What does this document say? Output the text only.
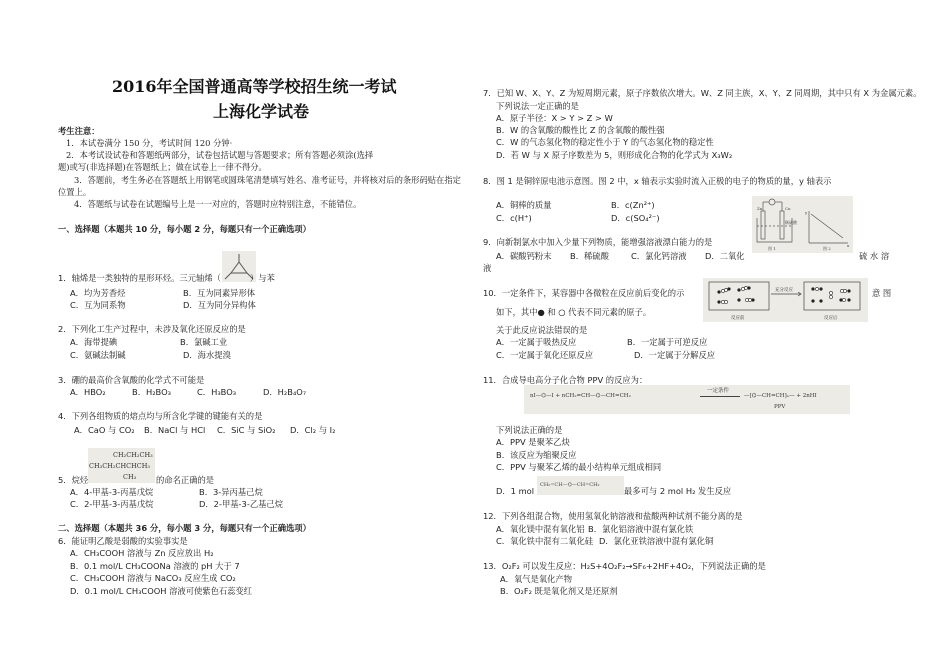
2016年全国普通高等学校招生统一考试
上海化学试卷
考生注意：
1．本试卷满分 150 分，考试时间 120 分钟·
2．本考试设试卷和答题纸两部分，试卷包括试题与答题要求；所有答题必须涂(选择
题)或写(非选择题)在答题纸上；做在试卷上一律不得分。
3．答题前，考生务必在答题纸上用钢笔或圆珠笔清楚填写姓名、准考证号，并将核对后的条形码贴在指定
位置上。
4．答题纸与试卷在试题编号上是一一对应的，答题时应特别注意，不能错位。
一、选择题（本题共 10 分，每小题 2 分，每题只有一个正确选项）
1．轴烯是一类独特的星形环烃。三元轴烯（	）与苯
A．均为芳香烃	B．互为同素异形体
C．互为同系物	D．互为同分异构体
2．下列化工生产过程中，未涉及氧化还原反应的是
A．海带提碘	B．氯碱工业
C．氨碱法制碱	D．海水提溴
3．硼的最高价含氧酸的化学式不可能是
A．HBO₂	B．H₂BO₃	C．H₃BO₃	D．H₂B₄O₇
4．下列各组物质的熔点均与所含化学键的键能有关的是
A．CaO 与 CO₂ B．NaCl 与 HCl C．SiC 与 SiO₂ D．Cl₂ 与 I₂
CH₂CH₂CH₃
CH₃CH₂CHCHCH₃
CH₃
5．烷烃	的命名正确的是
A．4-甲基-3-丙基戊烷	B．3-异丙基己烷
C．2-甲基-3-丙基戊烷	D．2-甲基-3-乙基己烷
二、选择题（本题共 36 分，每小题 3 分，每题只有一个正确选项）
6．能证明乙酸是弱酸的实验事实是
A．CH₃COOH 溶液与 Zn 反应放出 H₂
B．0.1 mol/L CH₃COONa 溶液的 pH 大于 7
C．CH₃COOH 溶液与 NaCO₃ 反应生成 CO₂
D．0.1 mol/L CH₃COOH 溶液可使紫色石蕊变红
7．已知 W、X、Y、Z 为短周期元素，原子序数依次增大。W、Z 同主族，X、Y、Z 同周期，其中只有 X 为金属元素。
下列说法一定正确的是
A．原子半径：X > Y > Z > W
B．W 的含氧酸的酸性比 Z 的含氧酸的酸性强
C．W 的气态氢化物的稳定性小于 Y 的气态氢化物的稳定性
D．若 W 与 X 原子序数差为 5，则形成化合物的化学式为 X₃W₂
8．图 1 是铜锌原电池示意图。图 2 中，x 轴表示实验时流入正极的电子的物质的量，y 轴表示
A．铜棒的质量	B．c(Zn²⁺)
C．c(H⁺)	D．c(SO₄²⁻)
Zn	Cu
稀硫酸
y
x
图 1	图 2
9．向新制氯水中加入少量下列物质，能增强溶液漂白能力的是
A．碳酸钙粉末 B．稀硫酸	C．氯化钙溶液 D．二氧化	硫 水 溶
液
10．一定条件下，某容器中各微粒在反应前后变化的示	意 图
如下，其中● 和 ○ 代表不同元素的原子。
充分反应
反应前	反应后
关于此反应说法错误的是
A．一定属于吸热反应	B．一定属于可逆反应
C．一定属于氧化还原反应	D．一定属于分解反应
11．合成导电高分子化合物 PPV 的反应为：
nI—⌬—I + nCH₂=CH—⌬—CH=CH₂
一定条件
—[⌬—CH=CH]ₙ— + 2nHI
PPV
下列说法正确的是
A．PPV 是聚苯乙炔
B．该反应为缩聚反应
C．PPV 与聚苯乙烯的最小结构单元组成相同
D．1 mol
CH₂=CH—⌬—CH=CH₂
最多可与 2 mol H₂ 发生反应
12．下列各组混合物，使用氢氧化钠溶液和盐酸两种试剂不能分离的是
A．氧化镁中混有氧化铝 B．氯化铝溶液中混有氯化铁
C．氧化铁中混有二氧化硅 D．氯化亚铁溶液中混有氯化铜
13．O₂F₂ 可以发生反应：H₂S+4O₂F₂→SF₆+2HF+4O₂，下列说法正确的是
A．氧气是氧化产物
B．O₂F₂ 既是氧化剂又是还原剂
